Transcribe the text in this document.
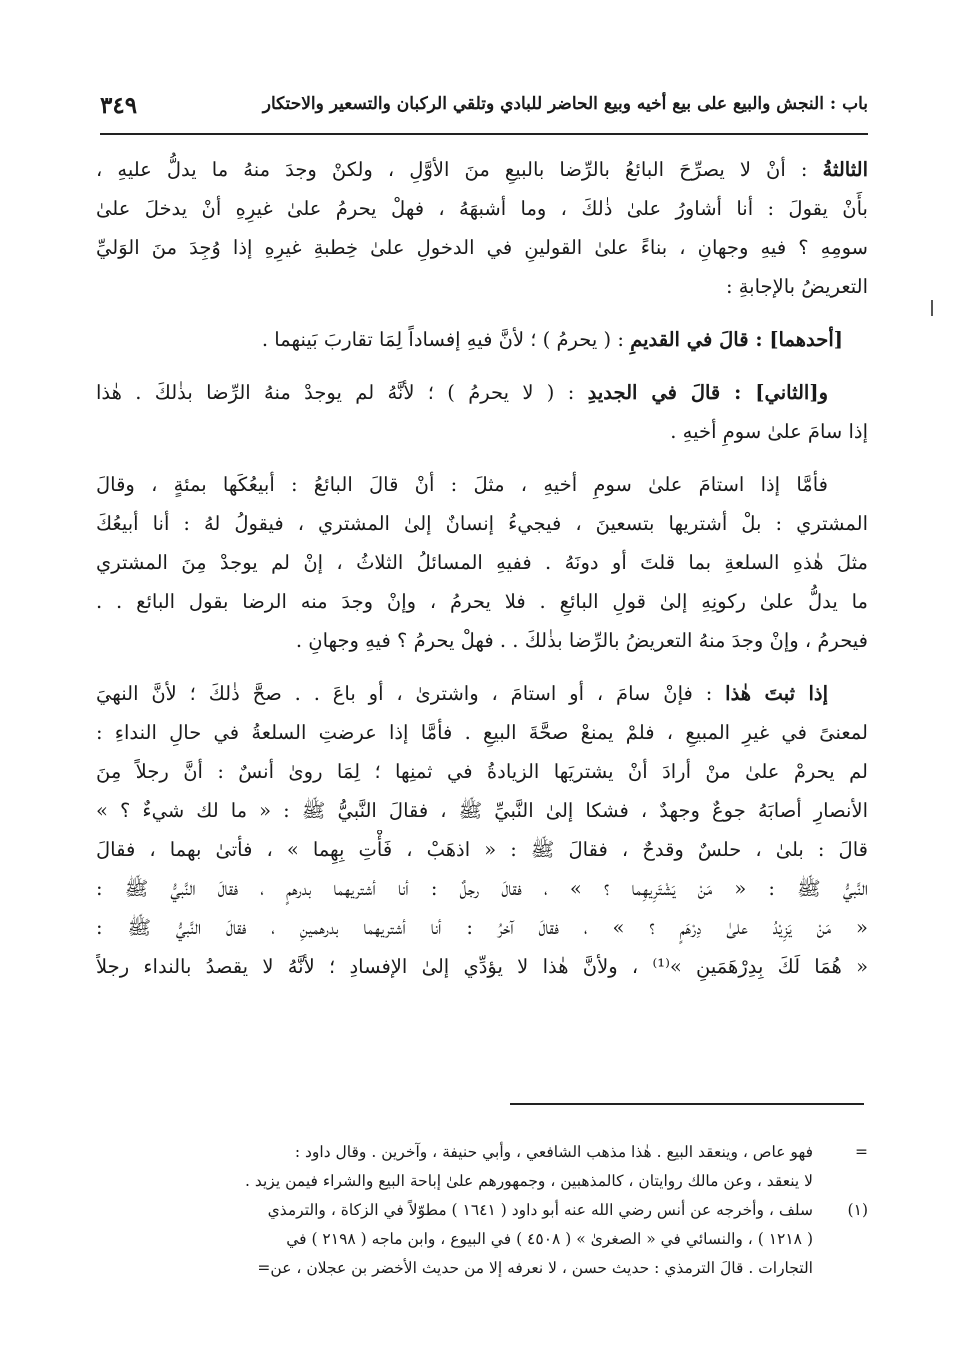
باب : النجش والبيع على بيع أخيه وبيع الحاضر للبادي وتلقي الركبان والتسعير والاحتكار
٣٤٩
الثالثةُ : أنْ لا يصرِّحَ البائعُ بالرِّضا بالبيعِ منَ الأوَّلِ ، ولكنْ وجدَ منهُ ما يدلُّ عليهِ ،
بأَنْ يقولَ : أنا أشاورُ علىٰ ذٰلكَ ، وما أشبهَهُ ، فهلْ يحرمُ علىٰ غيرِهِ أنْ يدخلَ علىٰ
سومِهِ ؟ فيهِ وجهانِ ، بناءً علىٰ القولينِ في الدخولِ علىٰ خِطبةِ غيرِهِ إذا وُجِدَ منَ الوَليِّ
التعريضُ بالإجابةِ :
[أحدهما] : قالَ في القديمِ : ( يحرمُ ) ؛ لأنَّ فيهِ إفساداً لِمَا تقاربَ بَينهما .
و[الثاني] : قالَ في الجديدِ : ( لا يحرمُ ) ؛ لأنَّهُ لم يوجدْ منهُ الرِّضا بذٰلكَ . هٰذا
إذا سامَ علىٰ سومِ أخيهِ .
فأمَّا إذا استامَ علىٰ سومِ أخيهِ ، مثلَ : أنْ قالَ البائعُ : أبيعُكَها بمئةٍ ، وقالَ
المشتري : بلْ أشتريها بتسعينَ ، فيجيءُ إنسانٌ إلىٰ المشتري ، فيقولُ لهُ : أنا أبيعُكَ
مثلَ هٰذهِ السلعةِ بما قلتَ أو دونَهُ . ففيهِ المسائلُ الثلاثُ ، إنْ لم يوجدْ مِنَ المشتري
ما يدلُّ علىٰ ركونِهِ إلىٰ قولِ البائعِ . فلا يحرمُ ، وإنْ وجدَ منه الرضا بقول البائع . .
فيحرمُ ، وإنْ وجدَ منهُ التعريضُ بالرِّضا بذٰلكَ . . فهلْ يحرمُ ؟ فيهِ وجهانِ .
إذا ثبتَ هٰذا : فإنْ سامَ ، أو استامَ ، واشترىٰ ، أو باعَ . . صحَّ ذٰلكَ ؛ لأنَّ النهيَ
لمعنىً في غيرِ المبيعِ ، فلمْ يمنعْ صحَّةَ البيعِ . فأمَّا إذا عرضتِ السلعةُ في حالِ النداءِ :
لم يحرمْ علىٰ منْ أرادَ أنْ يشتريَها الزيادةُ في ثمنِها ؛ لِمَا روىٰ أنسٌ : أنَّ رجلاً مِنَ
الأنصارِ أصابَهُ جوعٌ وجهدٌ ، فشكا إلىٰ النَّبيِّ ﷺ ، فقالَ النَّبيُّ ﷺ : « ما لك شيءٌ ؟ »
قالَ : بلىٰ ، حلسٌ وقدحٌ ، فقالَ ﷺ : « اذهَبْ ، فَأْتِ بِهِما » ، فأتىٰ بهما ، فقالَ
النَّبيُّ ﷺ : « مَنْ يَشْتَرِيهِما ؟ » ، فقالَ رجلٌ : أنا أشتريهما بدرهمٍ ، فقالَ النَّبيُّ ﷺ :
« مَنْ يَزِيْدُ علىٰ دِرْهَمٍ ؟ » ، فقالَ آخرُ : أنا أشتريهما بدرهمينِ ، فقالَ النَّبيُّ ﷺ :
« هُمَا لَكَ بِدِرْهَمَينِ »⁽¹⁾ ، ولأنَّ هٰذا لا يؤدِّي إلىٰ الإفسادِ ؛ لأنَّهُ لا يقصدُ بالنداء رجلاً
=
فهو عاص ، وينعقد البيع . هٰذا مذهب الشافعي ، وأبي حنيفة ، وآخرين . وقال داود :
لا ينعقد ، وعن مالك روايتان ، كالمذهبين ، وجمهورهم علىٰ إباحة البيع والشراء فيمن يزيد .
(١)
سلف ، وأخرجه عن أنس رضي الله عنه أبو داود ( ١٦٤١ ) مطوّلاً في الزكاة ، والترمذي
( ١٢١٨ ) ، والنسائي في « الصغرىٰ » ( ٤٥٠٨ ) في البيوع ، وابن ماجه ( ٢١٩٨ ) في
التجارات . قالَ الترمذي : حديث حسن ، لا نعرفه إلا من حديث الأخضر بن عجلان ، عن=
